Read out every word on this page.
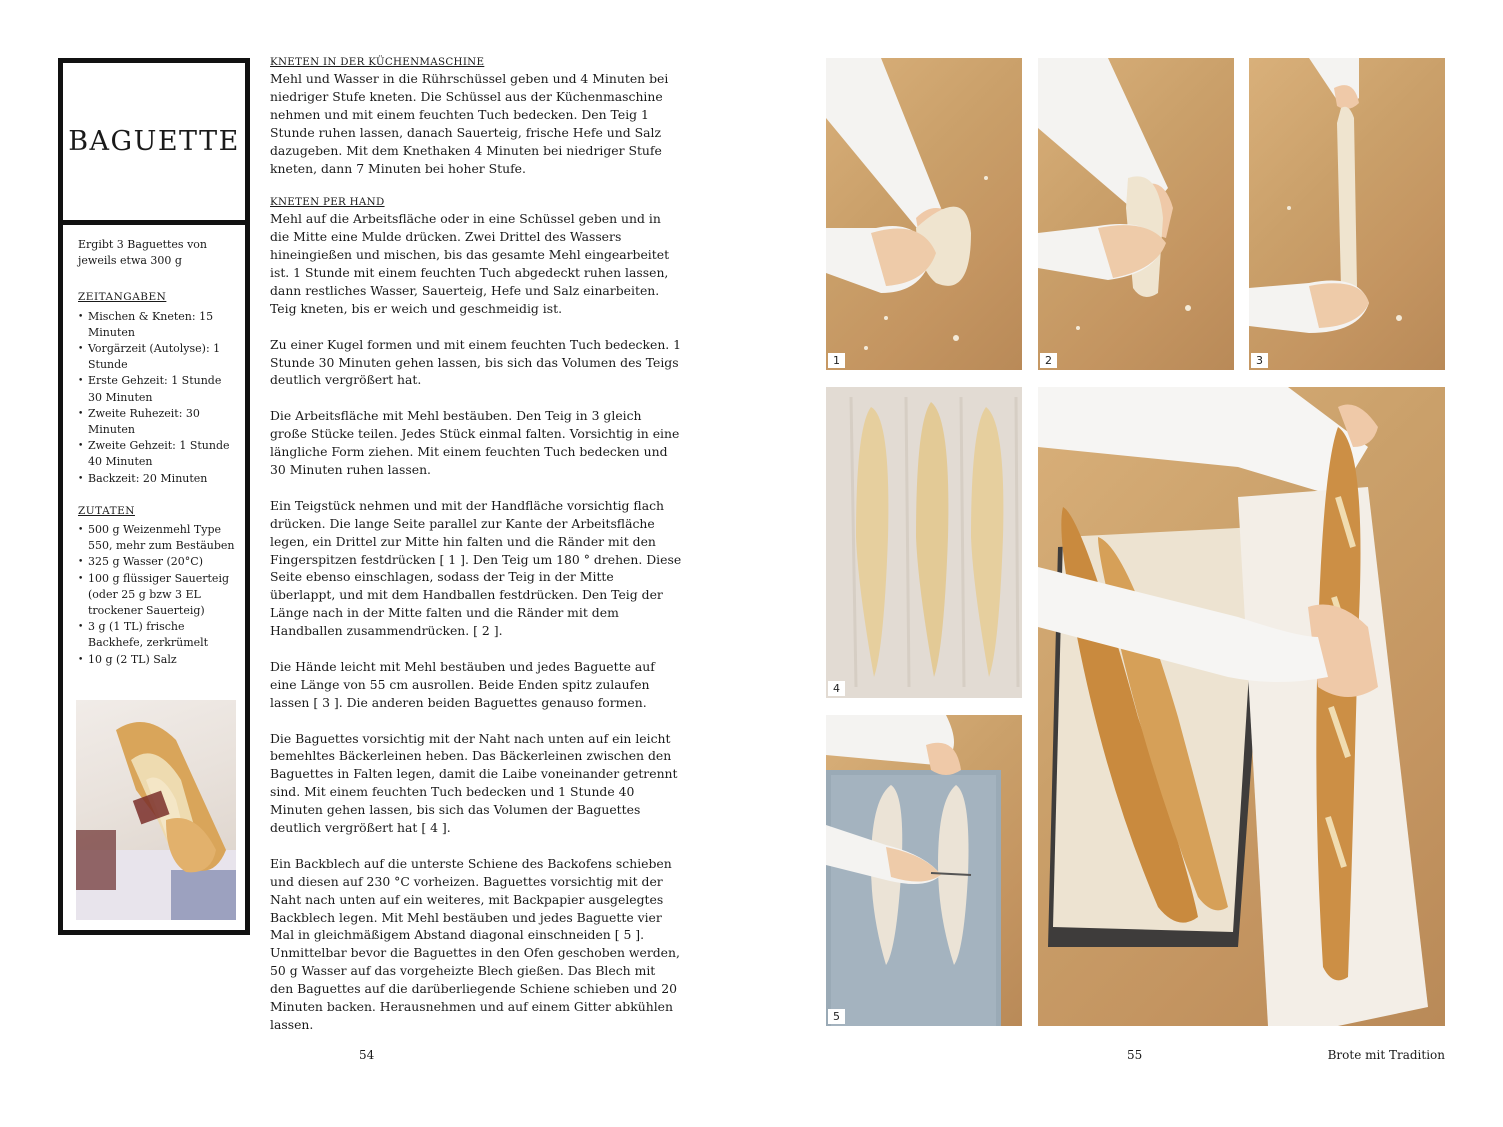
BAGUETTE

Ergibt 3 Baguettes von jeweils etwa 300 g

ZEITANGABEN

• Mischen & Kneten: 15 Minuten
• Vorgärzeit (Autolyse): 1 Stunde
• Erste Gehzeit: 1 Stunde 30 Minuten
• Zweite Ruhezeit: 30 Minuten
• Zweite Gehzeit: 1 Stunde 40 Minuten
• Backzeit: 20 Minuten

ZUTATEN

• 500 g Weizenmehl Type 550, mehr zum Bestäuben
• 325 g Wasser (20°C)
• 100 g flüssiger Sauerteig (oder 25 g bzw 3 EL trockener Sauerteig)
• 3 g (1 TL) frische Backhefe, zerkrümelt
• 10 g (2 TL) Salz

KNETEN IN DER KÜCHENMASCHINE

Mehl und Wasser in die Rührschüssel geben und 4 Minuten bei niedriger Stufe kneten. Die Schüssel aus der Küchenmaschine nehmen und mit einem feuchten Tuch bedecken. Den Teig 1 Stunde ruhen lassen, danach Sauerteig, frische Hefe und Salz dazugeben. Mit dem Knethaken 4 Minuten bei niedriger Stufe kneten, dann 7 Minuten bei hoher Stufe.

KNETEN PER HAND

Mehl auf die Arbeitsfläche oder in eine Schüssel geben und in die Mitte eine Mulde drücken. Zwei Drittel des Wassers hineingießen und mischen, bis das gesamte Mehl eingearbeitet ist. 1 Stunde mit einem feuchten Tuch abgedeckt ruhen lassen, dann restliches Wasser, Sauerteig, Hefe und Salz einarbeiten. Teig kneten, bis er weich und geschmeidig ist.

Zu einer Kugel formen und mit einem feuchten Tuch bedecken. 1 Stunde 30 Minuten gehen lassen, bis sich das Volumen des Teigs deutlich vergrößert hat.

Die Arbeitsfläche mit Mehl bestäuben. Den Teig in 3 gleich große Stücke teilen. Jedes Stück einmal falten. Vorsichtig in eine längliche Form ziehen. Mit einem feuchten Tuch bedecken und 30 Minuten ruhen lassen.

Ein Teigstück nehmen und mit der Handfläche vorsichtig flach drücken. Die lange Seite parallel zur Kante der Arbeitsfläche legen, ein Drittel zur Mitte hin falten und die Ränder mit den Fingerspitzen festdrücken [ 1 ]. Den Teig um 180 ° drehen. Diese Seite ebenso einschlagen, sodass der Teig in der Mitte überlappt, und mit dem Handballen festdrücken. Den Teig der Länge nach in der Mitte falten und die Ränder mit dem Handballen zusammendrücken. [ 2 ].

Die Hände leicht mit Mehl bestäuben und jedes Baguette auf eine Länge von 55 cm ausrollen. Beide Enden spitz zulaufen lassen [ 3 ]. Die anderen beiden Baguettes genauso formen.

Die Baguettes vorsichtig mit der Naht nach unten auf ein leicht bemehltes Bäckerleinen heben. Das Bäckerleinen zwischen den Baguettes in Falten legen, damit die Laibe voneinander getrennt sind. Mit einem feuchten Tuch bedecken und 1 Stunde 40 Minuten gehen lassen, bis sich das Volumen der Baguettes deutlich vergrößert hat [ 4 ].

Ein Backblech auf die unterste Schiene des Backofens schieben und diesen auf 230 °C vorheizen. Baguettes vorsichtig mit der Naht nach unten auf ein weiteres, mit Backpapier ausgelegtes Backblech legen. Mit Mehl bestäuben und jedes Baguette vier Mal in gleichmäßigem Abstand diagonal einschneiden [ 5 ]. Unmittelbar bevor die Baguettes in den Ofen geschoben werden, 50 g Wasser auf das vorgeheizte Blech gießen. Das Blech mit den Baguettes auf die darüberliegende Schiene schieben und 20 Minuten backen. Herausnehmen und auf einem Gitter abkühlen lassen.

54
1	2	3
4
5
55	Brote mit Tradition
